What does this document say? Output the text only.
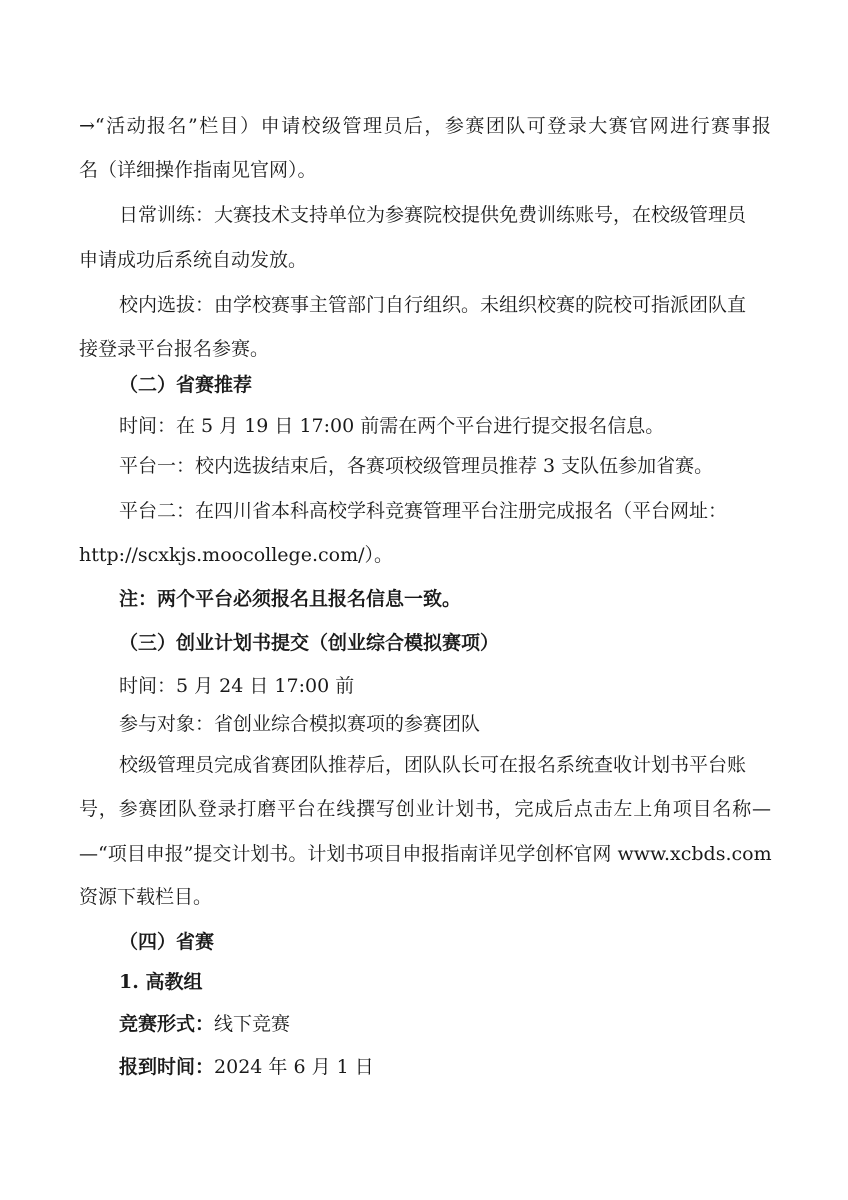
→“活动报名”栏目）申请校级管理员后，参赛团队可登录大赛官网进行赛事报
名（详细操作指南见官网）。
日常训练：大赛技术支持单位为参赛院校提供免费训练账号，在校级管理员
申请成功后系统自动发放。
校内选拔：由学校赛事主管部门自行组织。未组织校赛的院校可指派团队直
接登录平台报名参赛。
（二）省赛推荐
时间：在 5 月 19 日 17:00 前需在两个平台进行提交报名信息。
平台一：校内选拔结束后，各赛项校级管理员推荐 3 支队伍参加省赛。
平台二：在四川省本科高校学科竞赛管理平台注册完成报名（平台网址：
http://scxkjs.moocollege.com/）。
注：两个平台必须报名且报名信息一致。
（三）创业计划书提交（创业综合模拟赛项）
时间：5 月 24 日 17:00 前
参与对象：省创业综合模拟赛项的参赛团队
校级管理员完成省赛团队推荐后，团队队长可在报名系统查收计划书平台账
号，参赛团队登录打磨平台在线撰写创业计划书，完成后点击左上角项目名称—
—“项目申报”提交计划书。计划书项目申报指南详见学创杯官网 www.xcbds.com
资源下载栏目。
（四）省赛
1. 高教组
竞赛形式：线下竞赛
报到时间：2024 年 6 月 1 日
